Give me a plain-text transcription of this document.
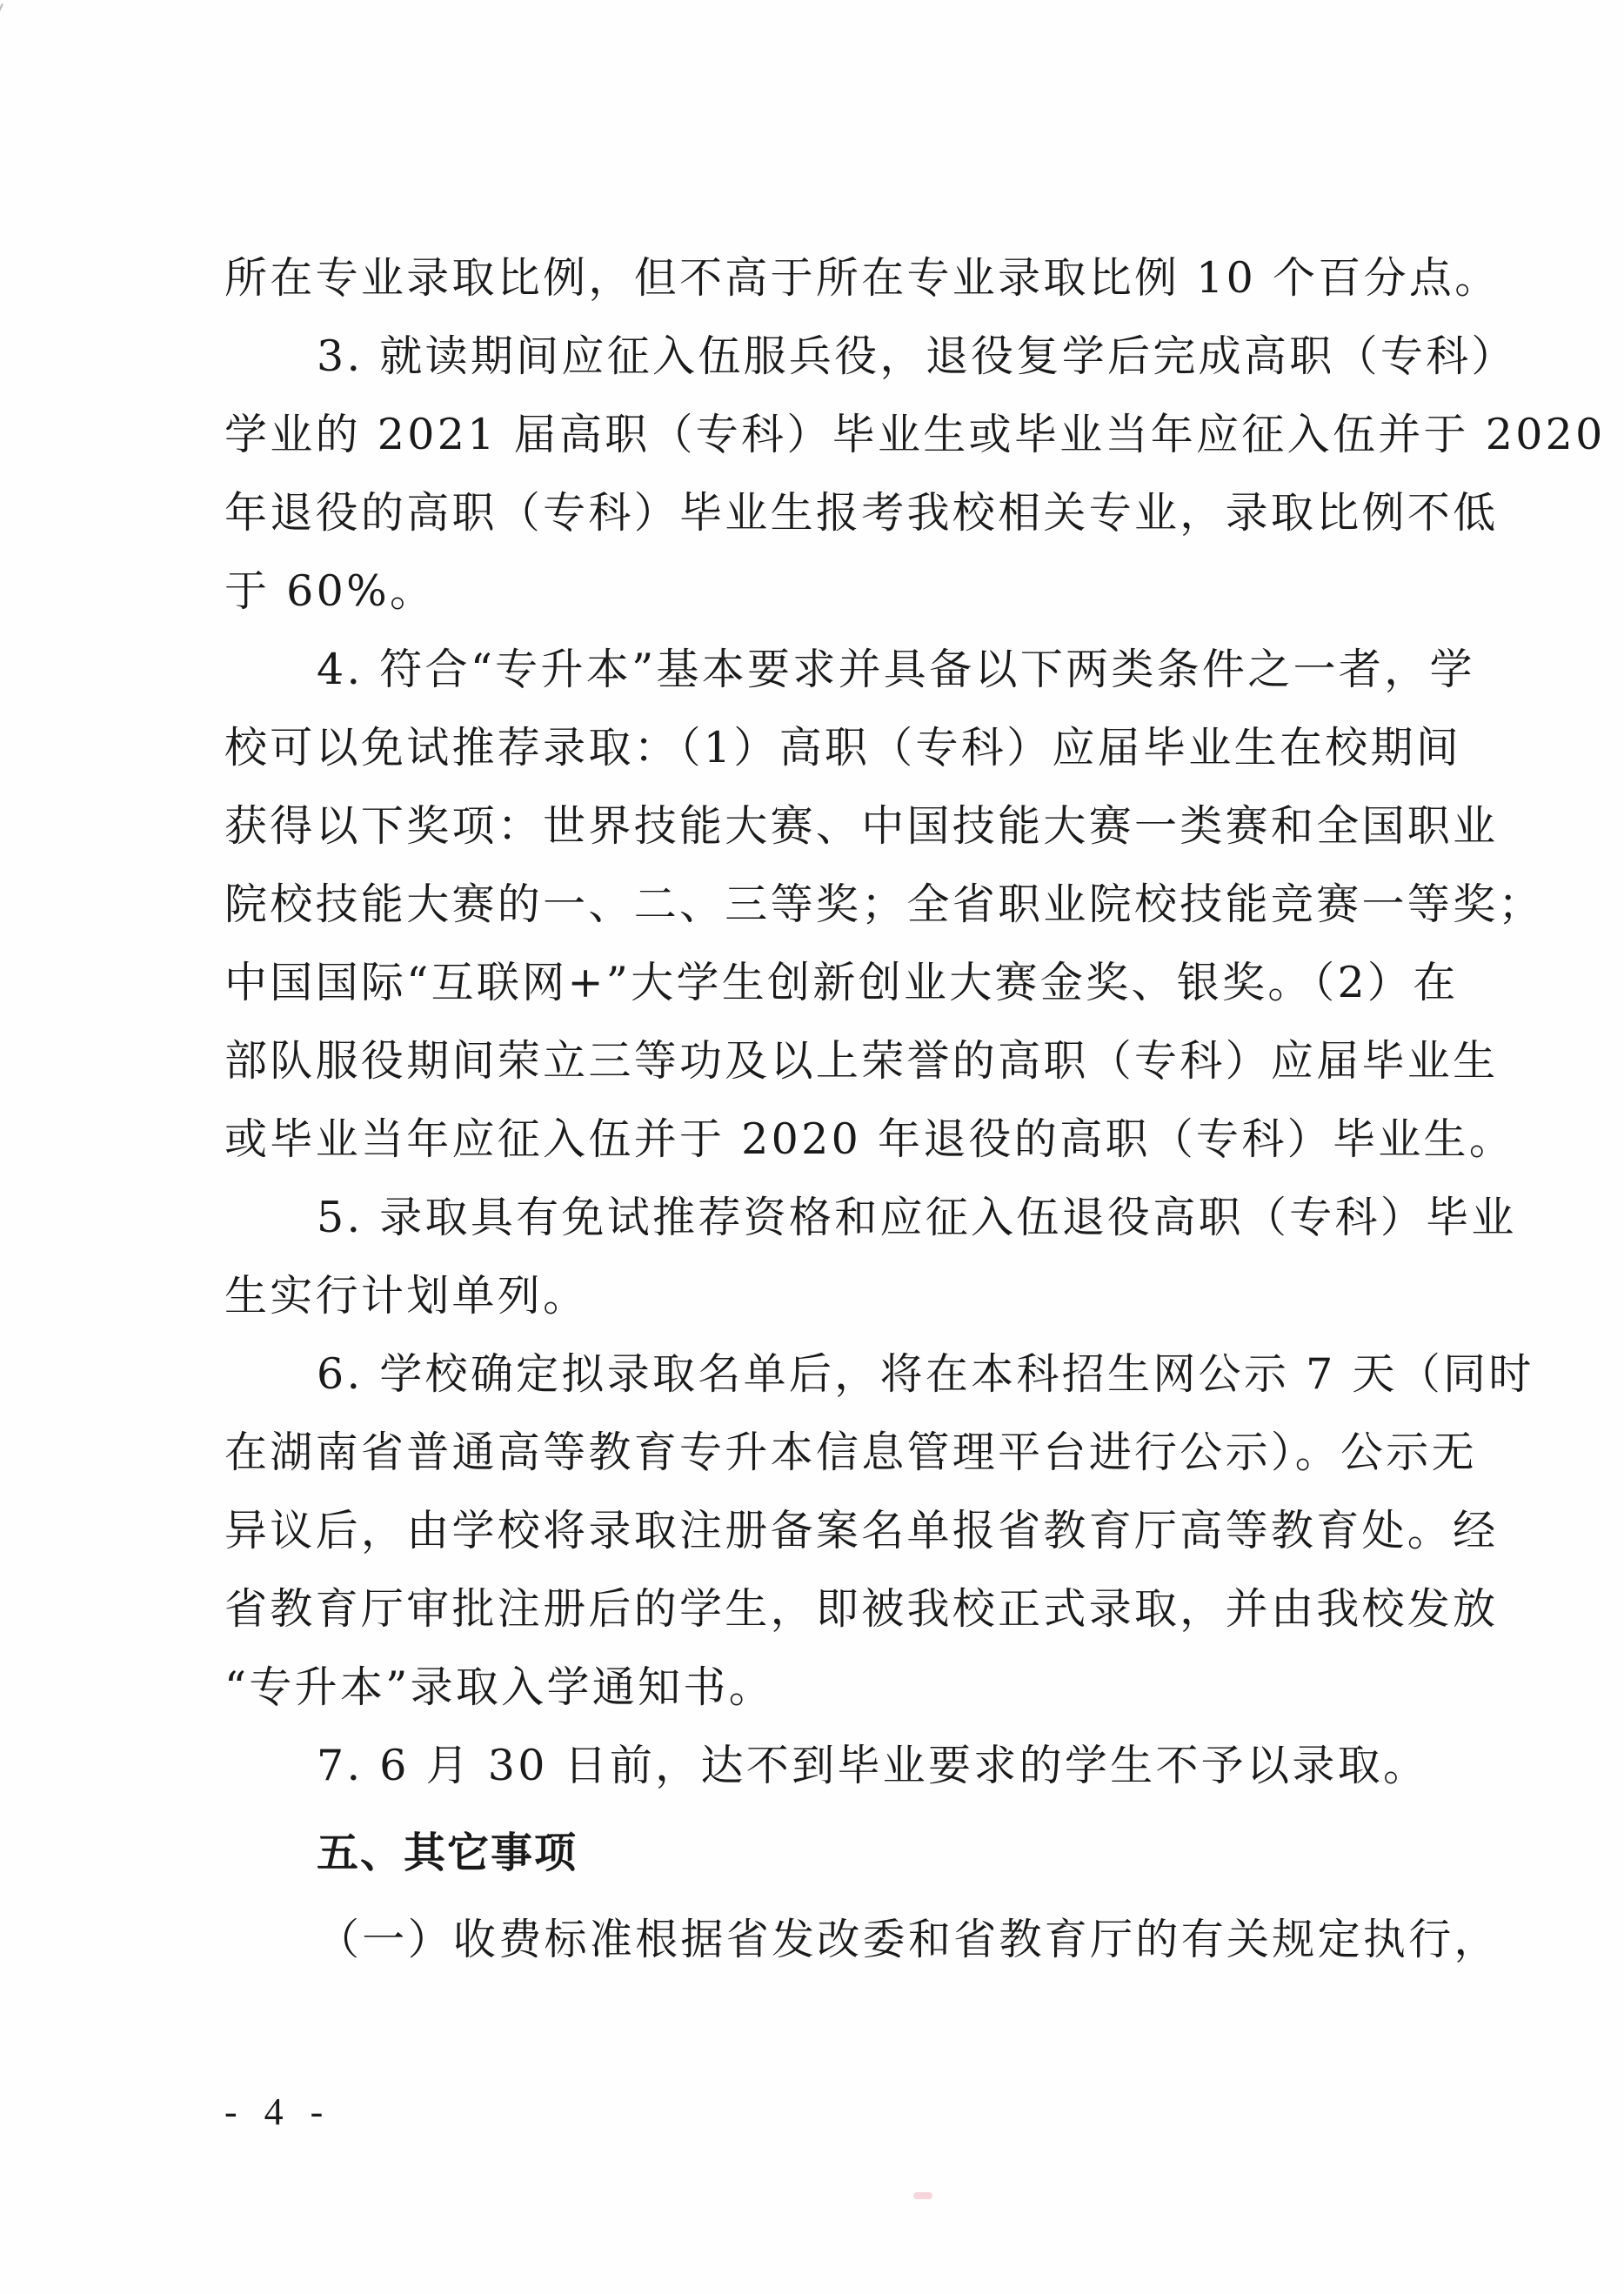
所在专业录取比例，但不高于所在专业录取比例 10 个百分点。
3. 就读期间应征入伍服兵役，退役复学后完成高职（专科）
学业的 2021 届高职（专科）毕业生或毕业当年应征入伍并于 2020
年退役的高职（专科）毕业生报考我校相关专业，录取比例不低
于 60%。
4. 符合“专升本”基本要求并具备以下两类条件之一者，学
校可以免试推荐录取：（1）高职（专科）应届毕业生在校期间
获得以下奖项：世界技能大赛、中国技能大赛一类赛和全国职业
院校技能大赛的一、二、三等奖；全省职业院校技能竞赛一等奖；
中国国际“互联网+”大学生创新创业大赛金奖、银奖。（2）在
部队服役期间荣立三等功及以上荣誉的高职（专科）应届毕业生
或毕业当年应征入伍并于 2020 年退役的高职（专科）毕业生。
5. 录取具有免试推荐资格和应征入伍退役高职（专科）毕业
生实行计划单列。
6. 学校确定拟录取名单后，将在本科招生网公示 7 天（同时
在湖南省普通高等教育专升本信息管理平台进行公示）。公示无
异议后，由学校将录取注册备案名单报省教育厅高等教育处。经
省教育厅审批注册后的学生，即被我校正式录取，并由我校发放
“专升本”录取入学通知书。
7. 6 月 30 日前，达不到毕业要求的学生不予以录取。
（一）收费标准根据省发改委和省教育厅的有关规定执行，
五、其它事项
- 4 -
